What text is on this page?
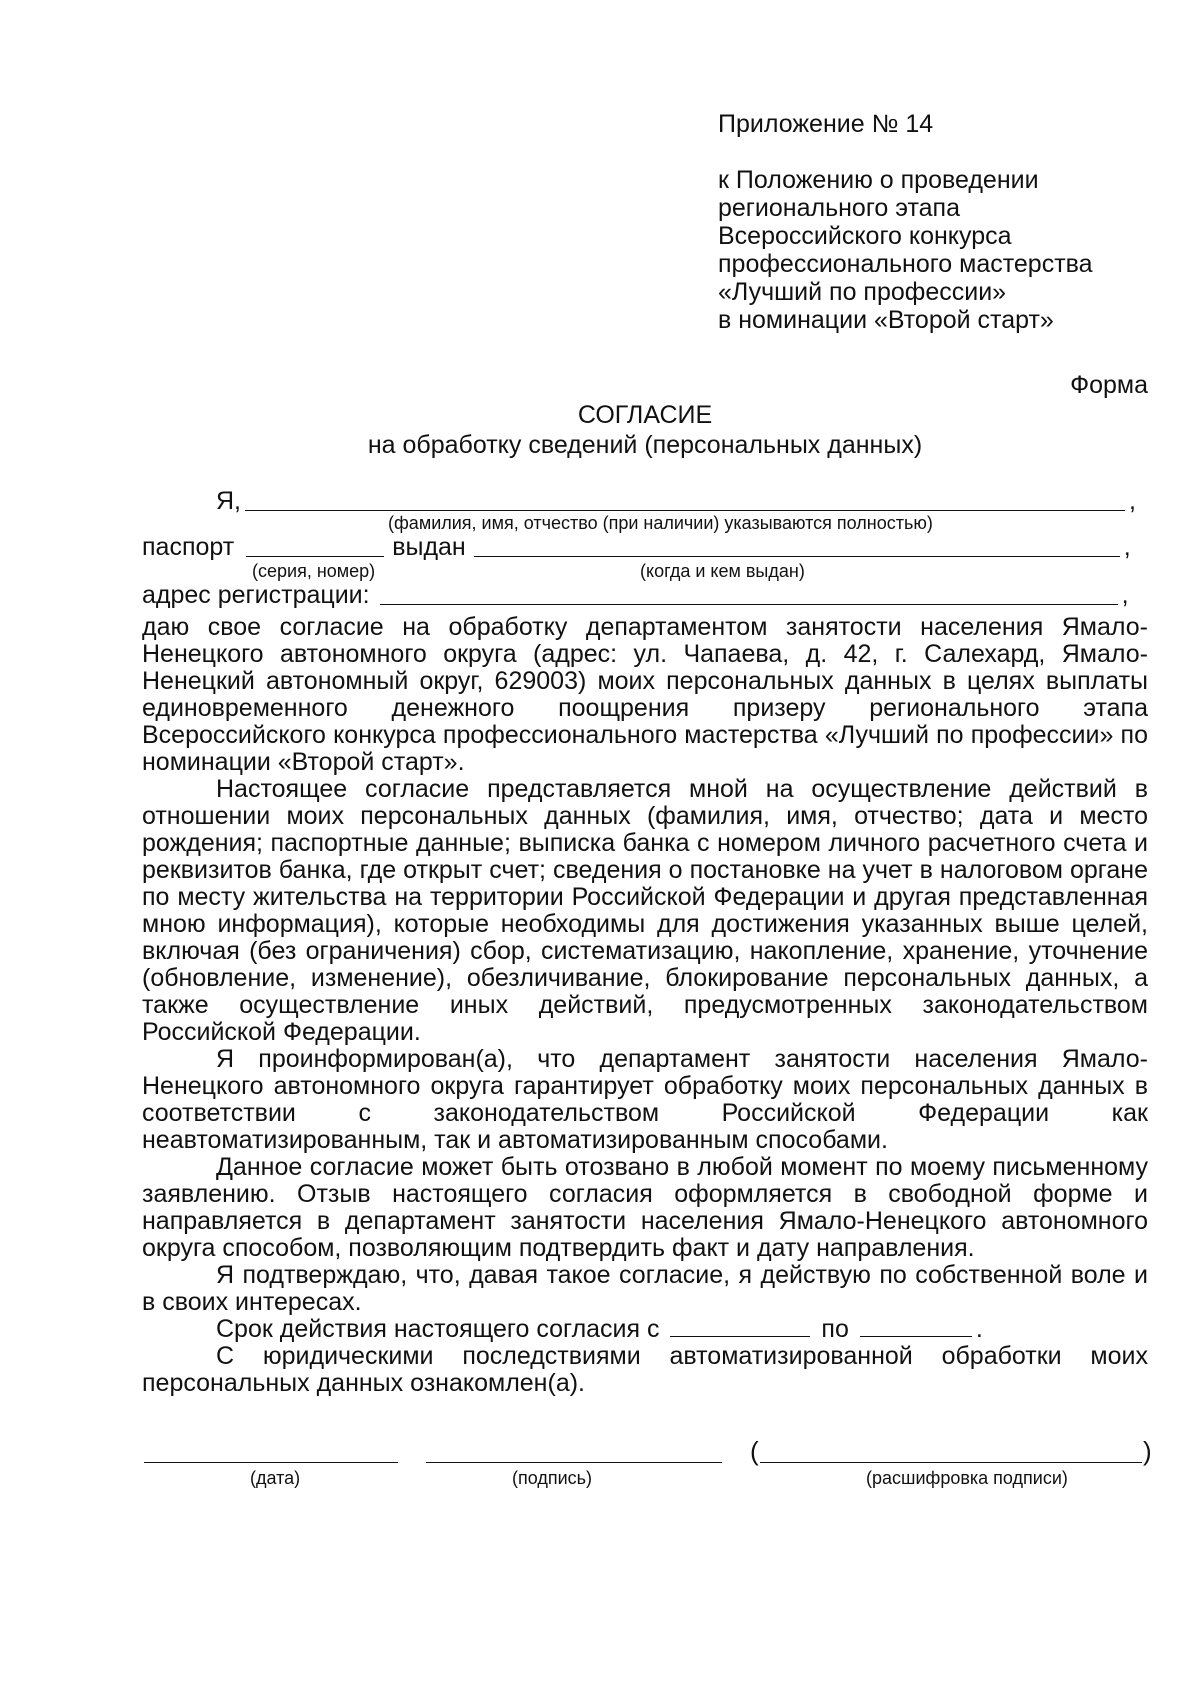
Приложение № 14
к Положению о проведении
регионального этапа
Всероссийского конкурса
профессионального мастерства
«Лучший по профессии»
в номинации «Второй старт»
Форма
СОГЛАСИЕ
на обработку сведений (персональных данных)
Я,	,
(фамилия, имя, отчество (при наличии) указываются полностью)
паспорт	выдан	,
(серия, номер)	(когда и кем выдан)
адрес регистрации:	,

даю свое согласие на обработку департаментом занятости населения Ямало-Ненецкого автономного округа (адрес: ул. Чапаева, д. 42, г. Салехард, Ямало-Ненецкий автономный округ, 629003) моих персональных данных в целях выплаты единовременного денежного поощрения призеру регионального этапа Всероссийского конкурса профессионального мастерства «Лучший по профессии» по номинации «Второй старт».

Настоящее согласие представляется мной на осуществление действий в отношении моих персональных данных (фамилия, имя, отчество; дата и место рождения; паспортные данные; выписка банка с номером личного расчетного счета и реквизитов банка, где открыт счет; сведения о постановке на учет в налоговом органе по месту жительства на территории Российской Федерации и другая представленная мною информация), которые необходимы для достижения указанных выше целей, включая (без ограничения) сбор, систематизацию, накопление, хранение, уточнение (обновление, изменение), обезличивание, блокирование персональных данных, а также осуществление иных действий, предусмотренных законодательством Российской Федерации.

Я проинформирован(а), что департамент занятости населения Ямало-Ненецкого автономного округа гарантирует обработку моих персональных данных в соответствии с законодательством Российской Федерации как неавтоматизированным, так и автоматизированным способами.

Данное согласие может быть отозвано в любой момент по моему письменному заявлению. Отзыв настоящего согласия оформляется в свободной форме и направляется в департамент занятости населения Ямало-Ненецкого автономного округа способом, позволяющим подтвердить факт и дату направления.

Я подтверждаю, что, давая такое согласие, я действую по собственной воле и в своих интересах.

Срок действия настоящего согласия с	по	.

С юридическими последствиями автоматизированной обработки моих персональных данных ознакомлен(а).

(дата)	(подпись)
(	)
(расшифровка подписи)
